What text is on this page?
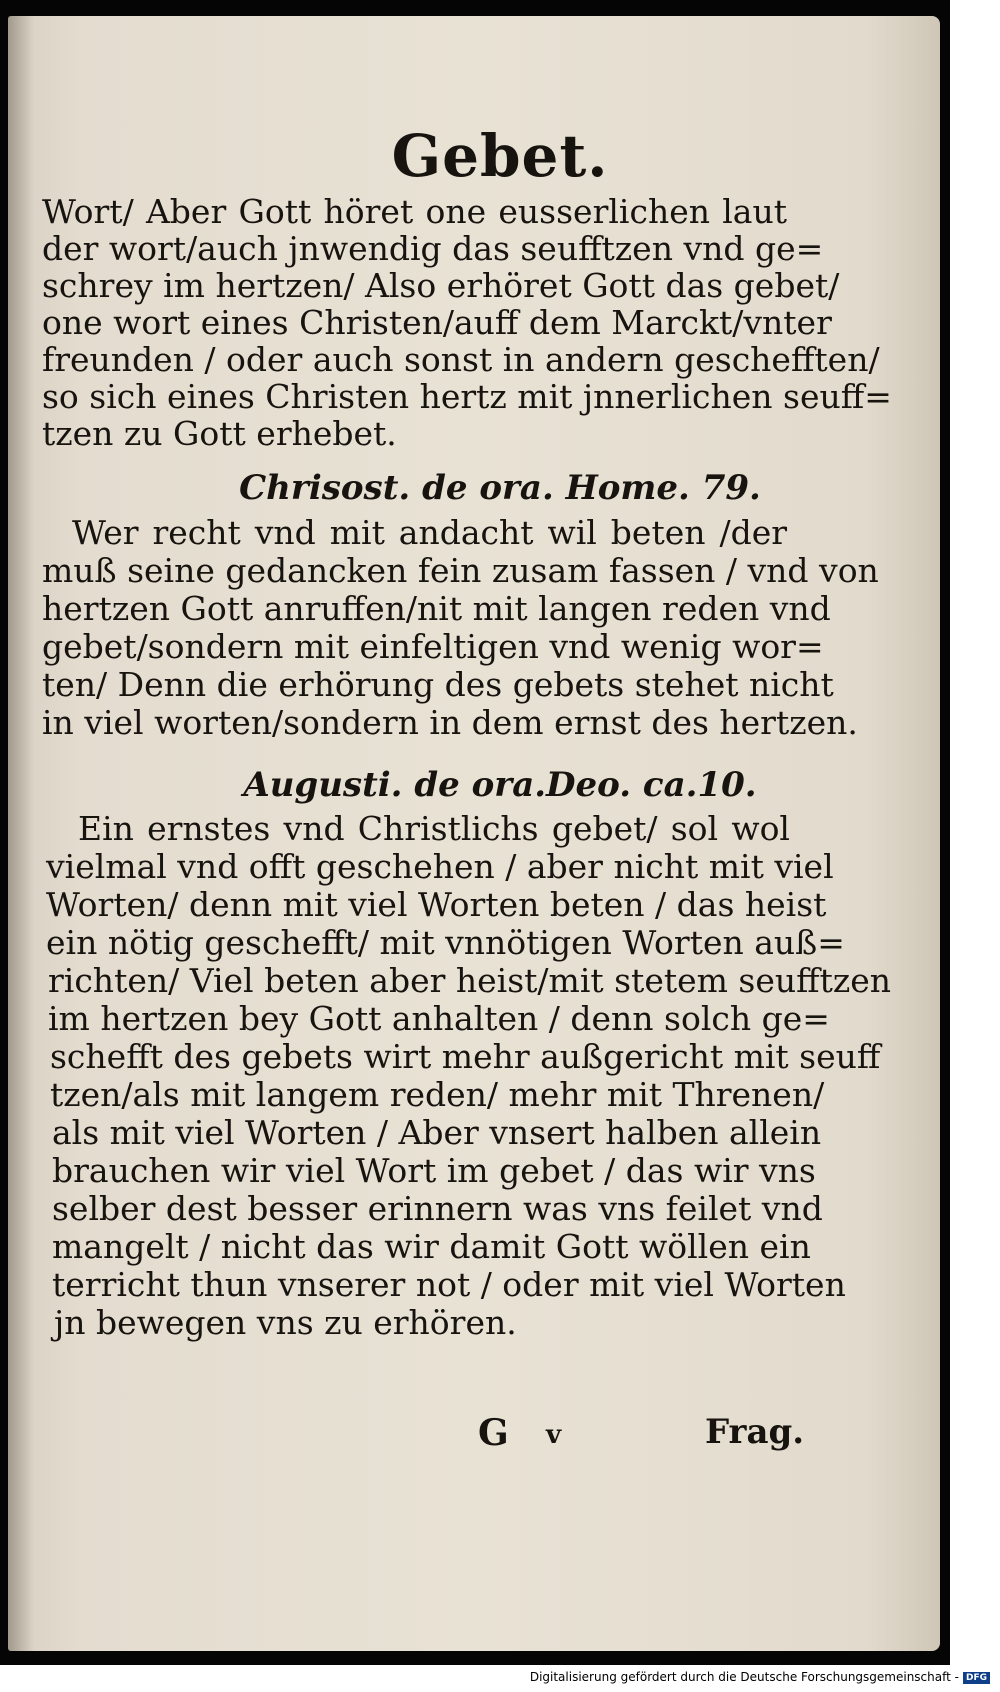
Gebet.
Wort/ Aber Gott höret one eusserlichen laut
der wort/auch jnwendig das seufftzen vnd ge=
schrey im hertzen/ Also erhöret Gott das gebet/
one wort eines Christen/auff dem Marckt/vnter
freunden / oder auch sonst in andern geschefften/
so sich eines Christen hertz mit jnnerlichen seuff=
tzen zu Gott erhebet.
Chrisost. de ora. Home. 79.
Wer recht vnd mit andacht wil beten /der
muß seine gedancken fein zusam fassen / vnd von
hertzen Gott anruffen/nit mit langen reden vnd
gebet/sondern mit einfeltigen vnd wenig wor=
ten/ Denn die erhörung des gebets stehet nicht
in viel worten/sondern in dem ernst des hertzen.
Augusti. de ora.Deo. ca.10.
Ein ernstes vnd Christlichs gebet/ sol wol
vielmal vnd offt geschehen / aber nicht mit viel
Worten/ denn mit viel Worten beten / das heist
ein nötig geschefft/ mit vnnötigen Worten auß=
richten/ Viel beten aber heist/mit stetem seufftzen
im hertzen bey Gott anhalten / denn solch ge=
schefft des gebets wirt mehr außgericht mit seuff
tzen/als mit langem reden/ mehr mit Threnen/
als mit viel Worten / Aber vnsert halben allein
brauchen wir viel Wort im gebet / das wir vns
selber dest besser erinnern was vns feilet vnd
mangelt / nicht das wir damit Gott wöllen ein
terricht thun vnserer not / oder mit viel Worten
jn bewegen vns zu erhören.
G v	Frag.
Digitalisierung gefördert durch die Deutsche Forschungsgemeinschaft - DFG
